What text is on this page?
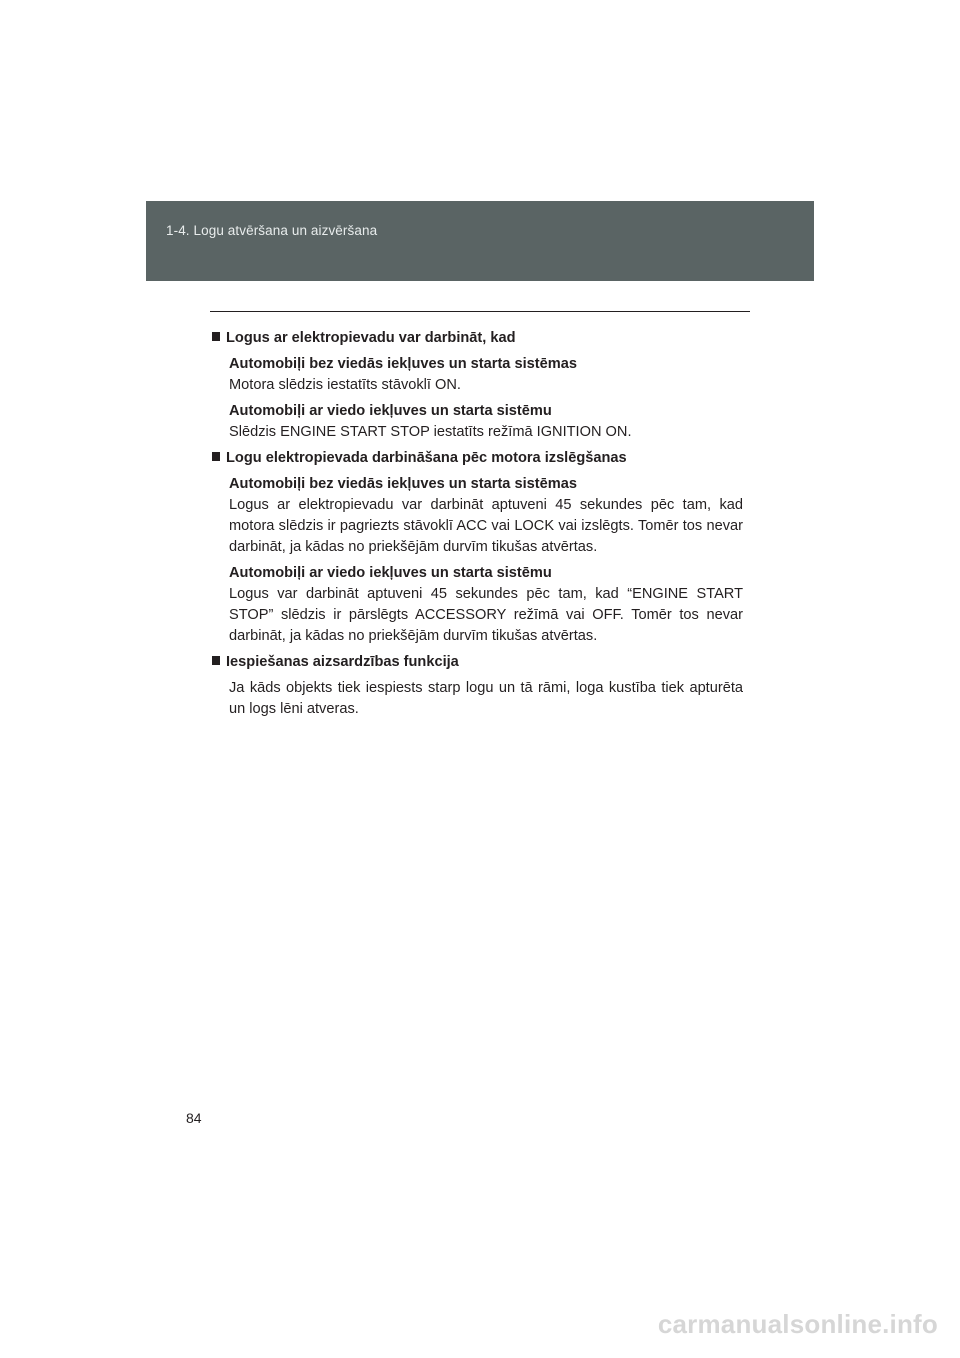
1-4. Logu atvēršana un aizvēršana

Logus ar elektropievadu var darbināt, kad

Automobiļi bez viedās iekļuves un starta sistēmas

Motora slēdzis iestatīts stāvoklī ON.

Automobiļi ar viedo iekļuves un starta sistēmu

Slēdzis ENGINE START STOP iestatīts režīmā IGNITION ON.

Logu elektropievada darbināšana pēc motora izslēgšanas

Automobiļi bez viedās iekļuves un starta sistēmas

Logus ar elektropievadu var darbināt aptuveni 45 sekundes pēc tam, kad motora slēdzis ir pagriezts stāvoklī ACC vai LOCK vai izslēgts. Tomēr tos nevar darbināt, ja kādas no priekšējām durvīm tikušas atvērtas.

Automobiļi ar viedo iekļuves un starta sistēmu

Logus var darbināt aptuveni 45 sekundes pēc tam, kad “ENGINE START STOP” slēdzis ir pārslēgts ACCESSORY režīmā vai OFF. Tomēr tos nevar darbināt, ja kādas no priekšējām durvīm tikušas atvērtas.

Iespiešanas aizsardzības funkcija

Ja kāds objekts tiek iespiests starp logu un tā rāmi, loga kustība tiek apturēta un logs lēni atveras.

84
carmanualsonline.info
